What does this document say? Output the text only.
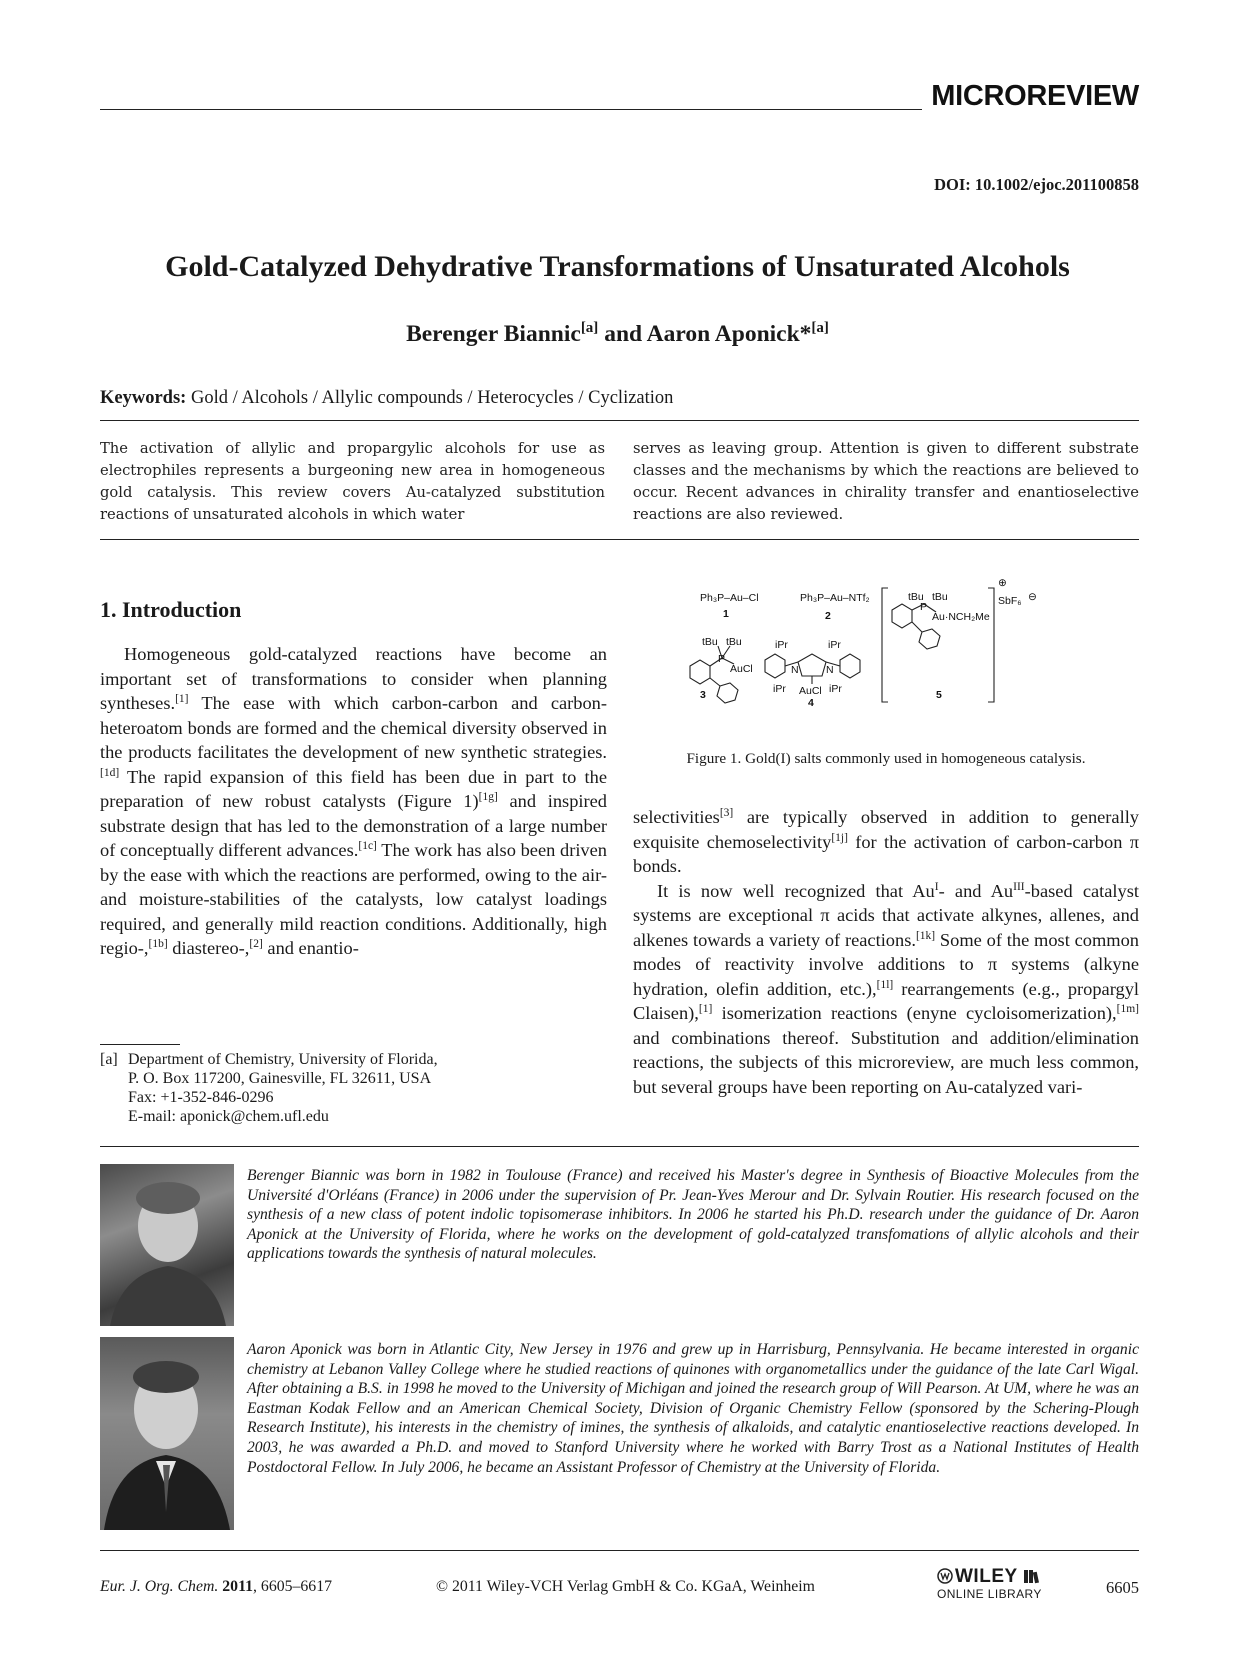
MICROREVIEW
DOI: 10.1002/ejoc.201100858
Gold-Catalyzed Dehydrative Transformations of Unsaturated Alcohols
Berenger Biannic[a] and Aaron Aponick*[a]
Keywords: Gold / Alcohols / Allylic compounds / Heterocycles / Cyclization
The activation of allylic and propargylic alcohols for use as electrophiles represents a burgeoning new area in homogeneous gold catalysis. This review covers Au-catalyzed substitution reactions of unsaturated alcohols in which water
serves as leaving group. Attention is given to different substrate classes and the mechanisms by which the reactions are believed to occur. Recent advances in chirality transfer and enantioselective reactions are also reviewed.
1. Introduction

Homogeneous gold-catalyzed reactions have become an important set of transformations to consider when planning syntheses.[1] The ease with which carbon-carbon and carbon-heteroatom bonds are formed and the chemical diversity observed in the products facilitates the development of new synthetic strategies.[1d] The rapid expansion of this field has been due in part to the preparation of new robust catalysts (Figure 1)[1g] and inspired substrate design that has led to the demonstration of a large number of conceptually different advances.[1c] The work has also been driven by the ease with which the reactions are performed, owing to the air- and moisture-stabilities of the catalysts, low catalyst loadings required, and generally mild reaction conditions. Additionally, high regio-,[1b] diastereo-,[2] and enantio-

Ph₃P–Au–Cl
1
Ph₃P–Au–NTf₂
2
tBu tBu
P
AuCl
3
iPr	iPr
N	N
iPr AuCl iPr
4
tBu tBu
P
Au·NCH₂Me
⊕
SbF₆ ⊖
5
Figure 1. Gold(I) salts commonly used in homogeneous catalysis.

selectivities[3] are typically observed in addition to generally exquisite chemoselectivity[1j] for the activation of carbon-carbon π bonds.

It is now well recognized that $Au^I-$ and $Au^{III}$-based catalyst systems are exceptional π acids that activate alkynes, allenes, and alkenes towards a variety of reactions.[1k] Some of the most common modes of reactivity involve additions to π systems (alkyne hydration, olefin addition, etc.),[1l] rearrangements (e.g., propargyl Claisen),[1] isomerization reactions (enyne cycloisomerization),[1m] and combinations thereof. Substitution and addition/elimination reactions, the subjects of this microreview, are much less common, but several groups have been reporting on Au-catalyzed vari-

[a] Department of Chemistry, University of Florida,
P. O. Box 117200, Gainesville, FL 32611, USA
Fax: +1-352-846-0296
E-mail: aponick@chem.ufl.edu
Berenger Biannic was born in 1982 in Toulouse (France) and received his Master's degree in Synthesis of Bioactive Molecules from the Université d'Orléans (France) in 2006 under the supervision of Pr. Jean-Yves Merour and Dr. Sylvain Routier. His research focused on the synthesis of a new class of potent indolic topisomerase inhibitors. In 2006 he started his Ph.D. research under the guidance of Dr. Aaron Aponick at the University of Florida, where he works on the development of gold-catalyzed transfomations of allylic alcohols and their applications towards the synthesis of natural molecules.
Aaron Aponick was born in Atlantic City, New Jersey in 1976 and grew up in Harrisburg, Pennsylvania. He became interested in organic chemistry at Lebanon Valley College where he studied reactions of quinones with organometallics under the guidance of the late Carl Wigal. After obtaining a B.S. in 1998 he moved to the University of Michigan and joined the research group of Will Pearson. At UM, where he was an Eastman Kodak Fellow and an American Chemical Society, Division of Organic Chemistry Fellow (sponsored by the Schering-Plough Research Institute), his interests in the chemistry of imines, the synthesis of alkaloids, and catalytic enantioselective reactions developed. In 2003, he was awarded a Ph.D. and moved to Stanford University where he worked with Barry Trost as a National Institutes of Health Postdoctoral Fellow. In July 2006, he became an Assistant Professor of Chemistry at the University of Florida.
Eur. J. Org. Chem. 2011, 6605–6617	© 2011 Wiley-VCH Verlag GmbH & Co. KGaA, Weinheim	WILEY
ONLINE LIBRARY	6605
